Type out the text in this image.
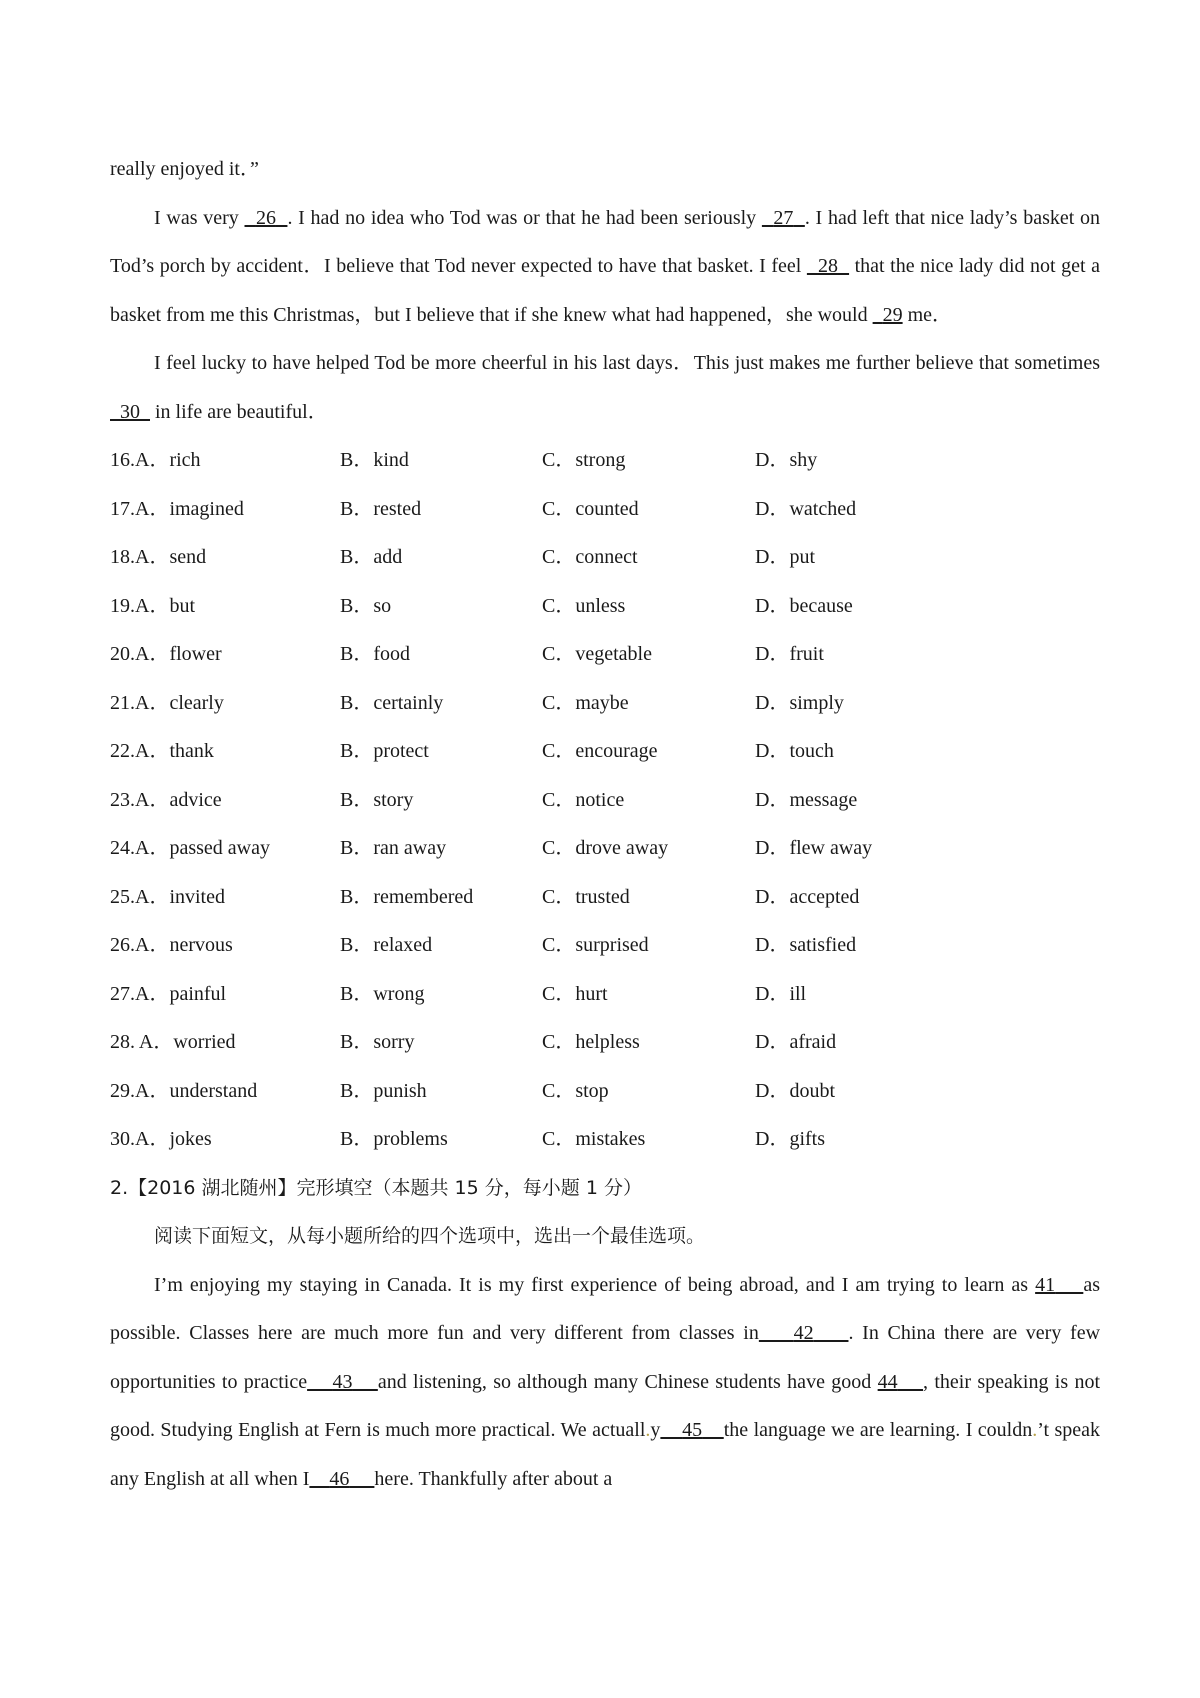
really enjoyed it．”

I was very   26 . I had no idea who Tod was or that he had been seriously   27 . I had left that nice lady’s basket on Tod’s porch by accident．I believe that Tod never expected to have that basket. I feel   28   that the nice lady did not get a basket from me this Christmas，but I believe that if she knew what had happened，she would   29 me．

I feel lucky to have helped Tod be more cheerful in his last days．This just makes me further believe that sometimes   30   in life are beautiful．

16.A．rich	B．kind	C．strong	D．shy
17.A．imagined	B．rested	C．counted	D．watched
18.A．send	B．add	C．connect	D．put
19.A．but	B．so	C．unless	D．because
20.A．flower	B．food	C．vegetable	D．fruit
21.A．clearly	B．certainly	C．maybe	D．simply
22.A．thank	B．protect	C．encourage	D．touch
23.A．advice	B．story	C．notice	D．message
24.A．passed away	B．ran away	C．drove away	D．flew away
25.A．invited	B．remembered	C．trusted	D．accepted
26.A．nervous	B．relaxed	C．surprised	D．satisfied
27.A．painful	B．wrong	C．hurt	D．ill
28. A．worried	B．sorry	C．helpless	D．afraid
29.A．understand	B．punish	C．stop	D．doubt
30.A．jokes	B．problems	C．mistakes	D．gifts

2.【2016 湖北随州】完形填空（本题共 15 分，每小题 1 分）

阅读下面短文，从每小题所给的四个选项中，选出一个最佳选项。

I’m enjoying my staying in Canada. It is my first experience of being abroad, and I am trying to learn as 41 as possible. Classes here are much more fun and very different from classes in 42 . In China there are very few opportunities to practice 43 and listening, so although many Chinese students have good 44 , their speaking is not good. Studying English at Fern is much more practical. We actuall.y 45 the language we are learning. I couldn.’t speak any English at all when I 46 here. Thankfully after about a
